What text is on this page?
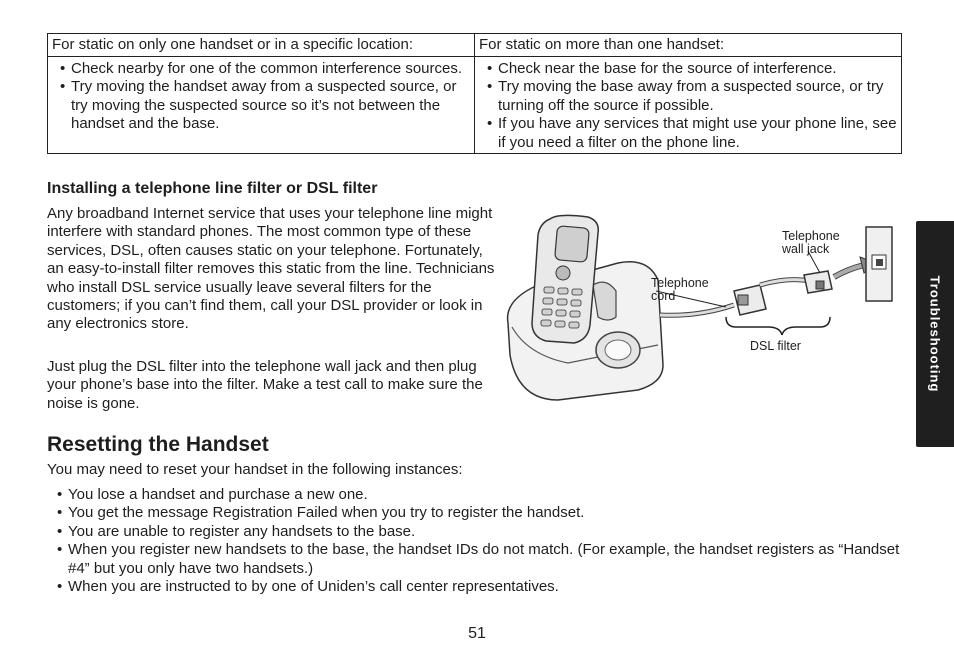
For static on only one handset or in a specific location:	For static on more than one handset:
• Check nearby for one of the common interference sources.
• Try moving the handset away from a suspected source, or try moving the suspected source so it’s not between the handset and the base.
• Check near the base for the source of interference.
• Try moving the base away from a suspected source, or try turning off the source if possible.
• If you have any services that might use your phone line, see if you need a filter on the phone line.
Installing a telephone line filter or DSL filter

Any broadband Internet service that uses your telephone line might interfere with standard phones. The most common type of these services, DSL, often causes static on your telephone. Fortunately, an easy-to-install filter removes this static from the line. Technicians who install DSL service usually leave several filters for the customers; if you can’t find them, call your DSL provider or look in any electronics store.

Just plug the DSL filter into the telephone wall jack and then plug your phone’s base into the filter. Make a test call to make sure the noise is gone.

Telephone
wall jack
Telephone
cord
DSL filter
Resetting the Handset

You may need to reset your handset in the following instances:

• You lose a handset and purchase a new one.
• You get the message Registration Failed when you try to register the handset.
• You are unable to register any handsets to the base.
• When you register new handsets to the base, the handset IDs do not match. (For example, the handset registers as “Handset #4” but you only have two handsets.)
• When you are instructed to by one of Uniden’s call center representatives.
Troubleshooting
51
